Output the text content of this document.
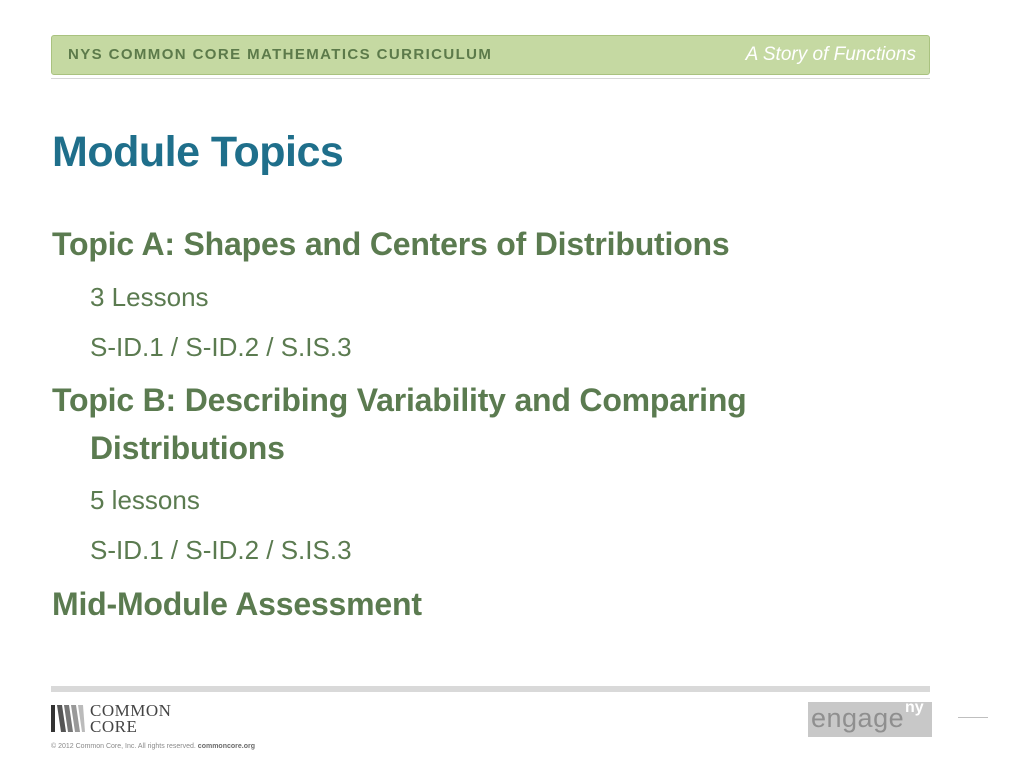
NYS COMMON CORE MATHEMATICS CURRICULUM	A Story of Functions
Module Topics
Topic A: Shapes and Centers of Distributions
3 Lessons
S-ID.1 / S-ID.2 / S.IS.3
Topic B: Describing Variability and Comparing
Distributions
5 lessons
S-ID.1 / S-ID.2 / S.IS.3
Mid-Module Assessment
COMMON
CORE
© 2012 Common Core, Inc. All rights reserved. commoncore.org
engage ny
